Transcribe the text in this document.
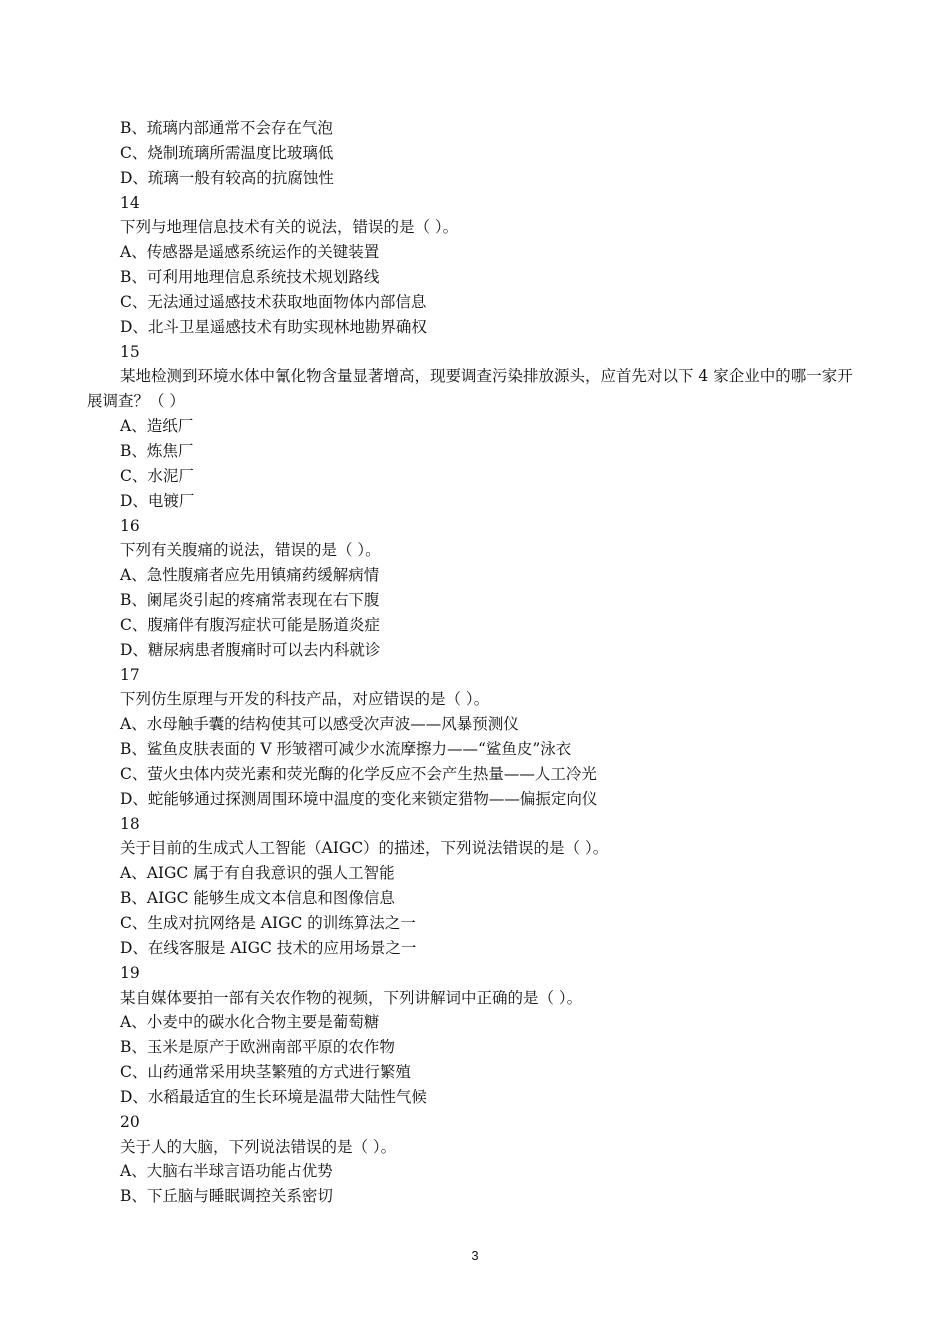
B、琉璃内部通常不会存在气泡
C、烧制琉璃所需温度比玻璃低
D、琉璃一般有较高的抗腐蚀性
14
下列与地理信息技术有关的说法，错误的是（ ）。
A、传感器是遥感系统运作的关键装置
B、可利用地理信息系统技术规划路线
C、无法通过遥感技术获取地面物体内部信息
D、北斗卫星遥感技术有助实现林地勘界确权
15
某地检测到环境水体中氰化物含量显著增高，现要调查污染排放源头，应首先对以下 4 家企业中的哪一家开展调查？（ ）
A、造纸厂
B、炼焦厂
C、水泥厂
D、电镀厂
16
下列有关腹痛的说法，错误的是（ ）。
A、急性腹痛者应先用镇痛药缓解病情
B、阑尾炎引起的疼痛常表现在右下腹
C、腹痛伴有腹泻症状可能是肠道炎症
D、糖尿病患者腹痛时可以去内科就诊
17
下列仿生原理与开发的科技产品，对应错误的是（ ）。
A、水母触手囊的结构使其可以感受次声波——风暴预测仪
B、鲨鱼皮肤表面的 V 形皱褶可减少水流摩擦力——“鲨鱼皮”泳衣
C、萤火虫体内荧光素和荧光酶的化学反应不会产生热量——人工冷光
D、蛇能够通过探测周围环境中温度的变化来锁定猎物——偏振定向仪
18
关于目前的生成式人工智能（AIGC）的描述，下列说法错误的是（ ）。
A、AIGC 属于有自我意识的强人工智能
B、AIGC 能够生成文本信息和图像信息
C、生成对抗网络是 AIGC 的训练算法之一
D、在线客服是 AIGC 技术的应用场景之一
19
某自媒体要拍一部有关农作物的视频，下列讲解词中正确的是（ ）。
A、小麦中的碳水化合物主要是葡萄糖
B、玉米是原产于欧洲南部平原的农作物
C、山药通常采用块茎繁殖的方式进行繁殖
D、水稻最适宜的生长环境是温带大陆性气候
20
关于人的大脑，下列说法错误的是（ ）。
A、大脑右半球言语功能占优势
B、下丘脑与睡眠调控关系密切
3
